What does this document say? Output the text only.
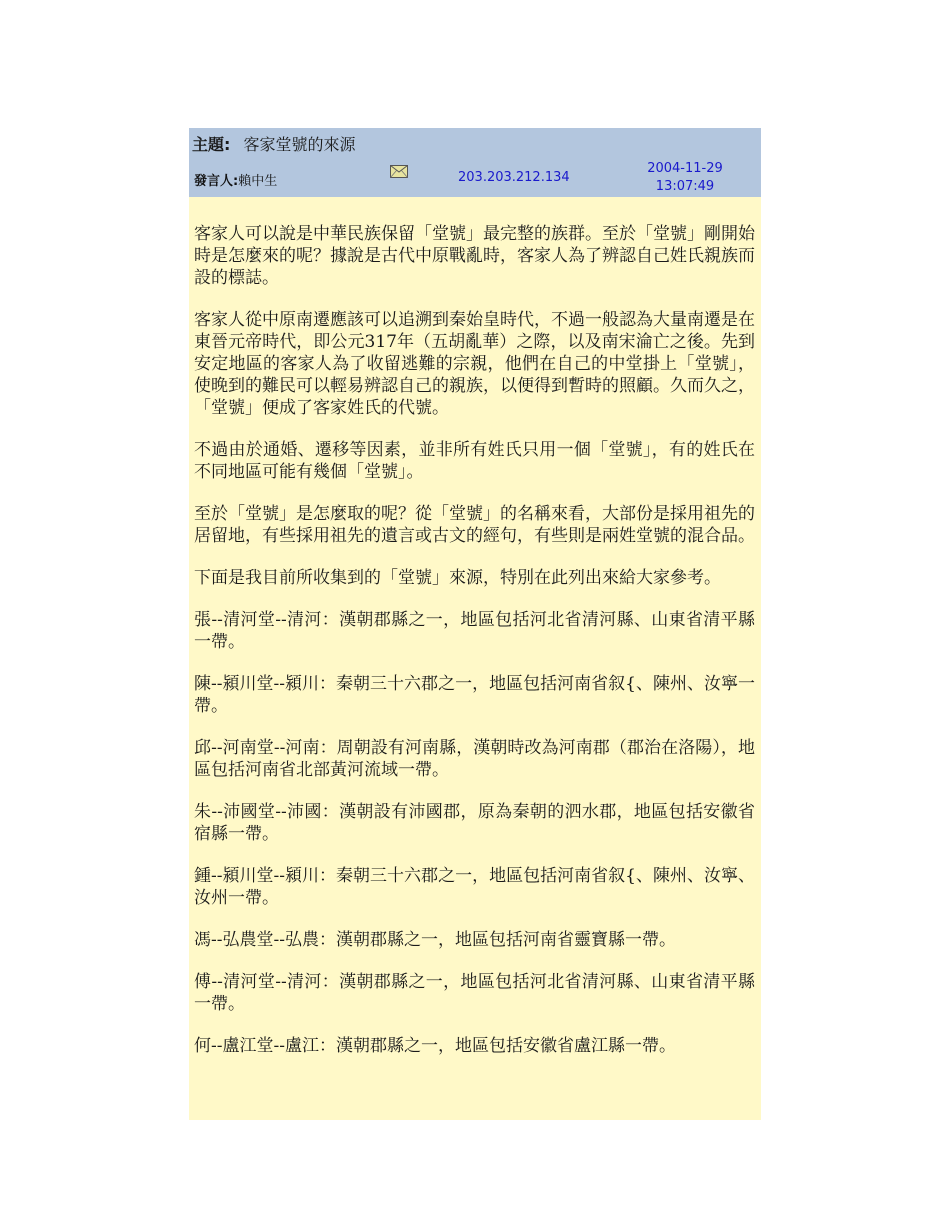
主題: 客家堂號的來源
發言人:賴中生	203.203.212.134
2004-11-29
13:07:49

客家人可以說是中華民族保留「堂號」最完整的族群。至於「堂號」剛開始時是怎麼來的呢？據說是古代中原戰亂時，客家人為了辨認自己姓氏親族而設的標誌。

客家人從中原南遷應該可以追溯到秦始皇時代，不過一般認為大量南遷是在東晉元帝時代，即公元317年（五胡亂華）之際，以及南宋淪亡之後。先到安定地區的客家人為了收留逃難的宗親，他們在自己的中堂掛上「堂號」，使晚到的難民可以輕易辨認自己的親族，以便得到暫時的照顧。久而久之，「堂號」便成了客家姓氏的代號。

不過由於通婚、遷移等因素，並非所有姓氏只用一個「堂號」，有的姓氏在不同地區可能有幾個「堂號」。

至於「堂號」是怎麼取的呢？從「堂號」的名稱來看，大部份是採用祖先的居留地，有些採用祖先的遺言或古文的經句，有些則是兩姓堂號的混合品。

下面是我目前所收集到的「堂號」來源，特別在此列出來給大家參考。

張--清河堂--清河：漢朝郡縣之一，地區包括河北省清河縣、山東省清平縣一帶。

陳--潁川堂--潁川：秦朝三十六郡之一，地區包括河南省叙{、陳州、汝寧一帶。

邱--河南堂--河南：周朝設有河南縣，漢朝時改為河南郡（郡治在洛陽），地區包括河南省北部黃河流域一帶。

朱--沛國堂--沛國：漢朝設有沛國郡，原為秦朝的泗水郡，地區包括安徽省宿縣一帶。

鍾--潁川堂--潁川：秦朝三十六郡之一，地區包括河南省叙{、陳州、汝寧、汝州一帶。

馮--弘農堂--弘農：漢朝郡縣之一，地區包括河南省靈寶縣一帶。

傅--清河堂--清河：漢朝郡縣之一，地區包括河北省清河縣、山東省清平縣一帶。

何--盧江堂--盧江：漢朝郡縣之一，地區包括安徽省盧江縣一帶。
